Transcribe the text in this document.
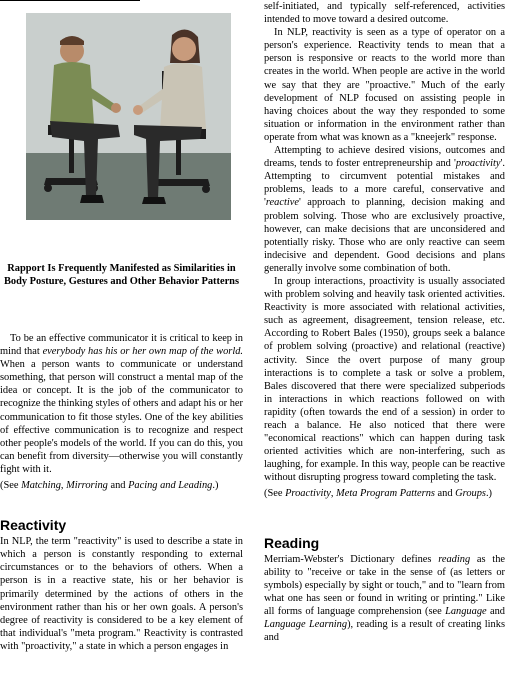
Rapport Is Frequently Manifested as Similarities in Body Posture, Gestures and Other Behavior Patterns

To be an effective communicator it is critical to keep in mind that everybody has his or her own map of the world. When a person wants to communicate or understand something, that person will construct a mental map of the idea or concept. It is the job of the communicator to recognize the thinking styles of others and adapt his or her communication to fit those styles. One of the key abilities of effective communication is to recognize and respect other people's models of the world. If you can do this, you can benefit from diversity—otherwise you will constantly fight with it.

(See Matching, Mirroring and Pacing and Leading.)

Reactivity

In NLP, the term "reactivity" is used to describe a state in which a person is constantly responding to external circumstances or to the behaviors of others. When a person is in a reactive state, his or her behavior is primarily determined by the actions of others in the environment rather than his or her own goals. A person's degree of reactivity is considered to be a key element of that individual's "meta program." Reactivity is contrasted with "proactivity," a state in which a person engages in

self-initiated, and typically self-referenced, activities intended to move toward a desired outcome.

In NLP, reactivity is seen as a type of operator on a person's experience. Reactivity tends to mean that a person is responsive or reacts to the world more than creates in the world. When people are active in the world we say that they are "proactive." Much of the early development of NLP focused on assisting people in having choices about the way they responded to some situation or information in the environment rather than operate from what was known as a "kneejerk" response.

Attempting to achieve desired visions, outcomes and dreams, tends to foster entrepreneurship and 'proactivity'. Attempting to circumvent potential mistakes and problems, leads to a more careful, conservative and 'reactive' approach to planning, decision making and problem solving. Those who are exclusively proactive, however, can make decisions that are unconsidered and potentially risky. Those who are only reactive can seem indecisive and dependent. Good decisions and plans generally involve some combination of both.

In group interactions, proactivity is usually associated with problem solving and heavily task oriented activities. Reactivity is more associated with relational activities, such as agreement, disagreement, tension release, etc. According to Robert Bales (1950), groups seek a balance of problem solving (proactive) and relational (reactive) activity. Since the overt purpose of many group interactions is to complete a task or solve a problem, Bales discovered that there were specialized subperiods in interactions in which reactions followed on with rapidity (often towards the end of a session) in order to reach a balance. He also noticed that there were "economical reactions" which can happen during task oriented activities which are non-interfering, such as laughing, for example. In this way, people can be reactive without disrupting progress toward completing the task.

(See Proactivity, Meta Program Patterns and Groups.)

Reading

Merriam-Webster's Dictionary defines reading as the ability to "receive or take in the sense of (as letters or symbols) especially by sight or touch," and to "learn from what one has seen or found in writing or printing." Like all forms of language comprehension (see Language and Language Learning), reading is a result of creating links and
